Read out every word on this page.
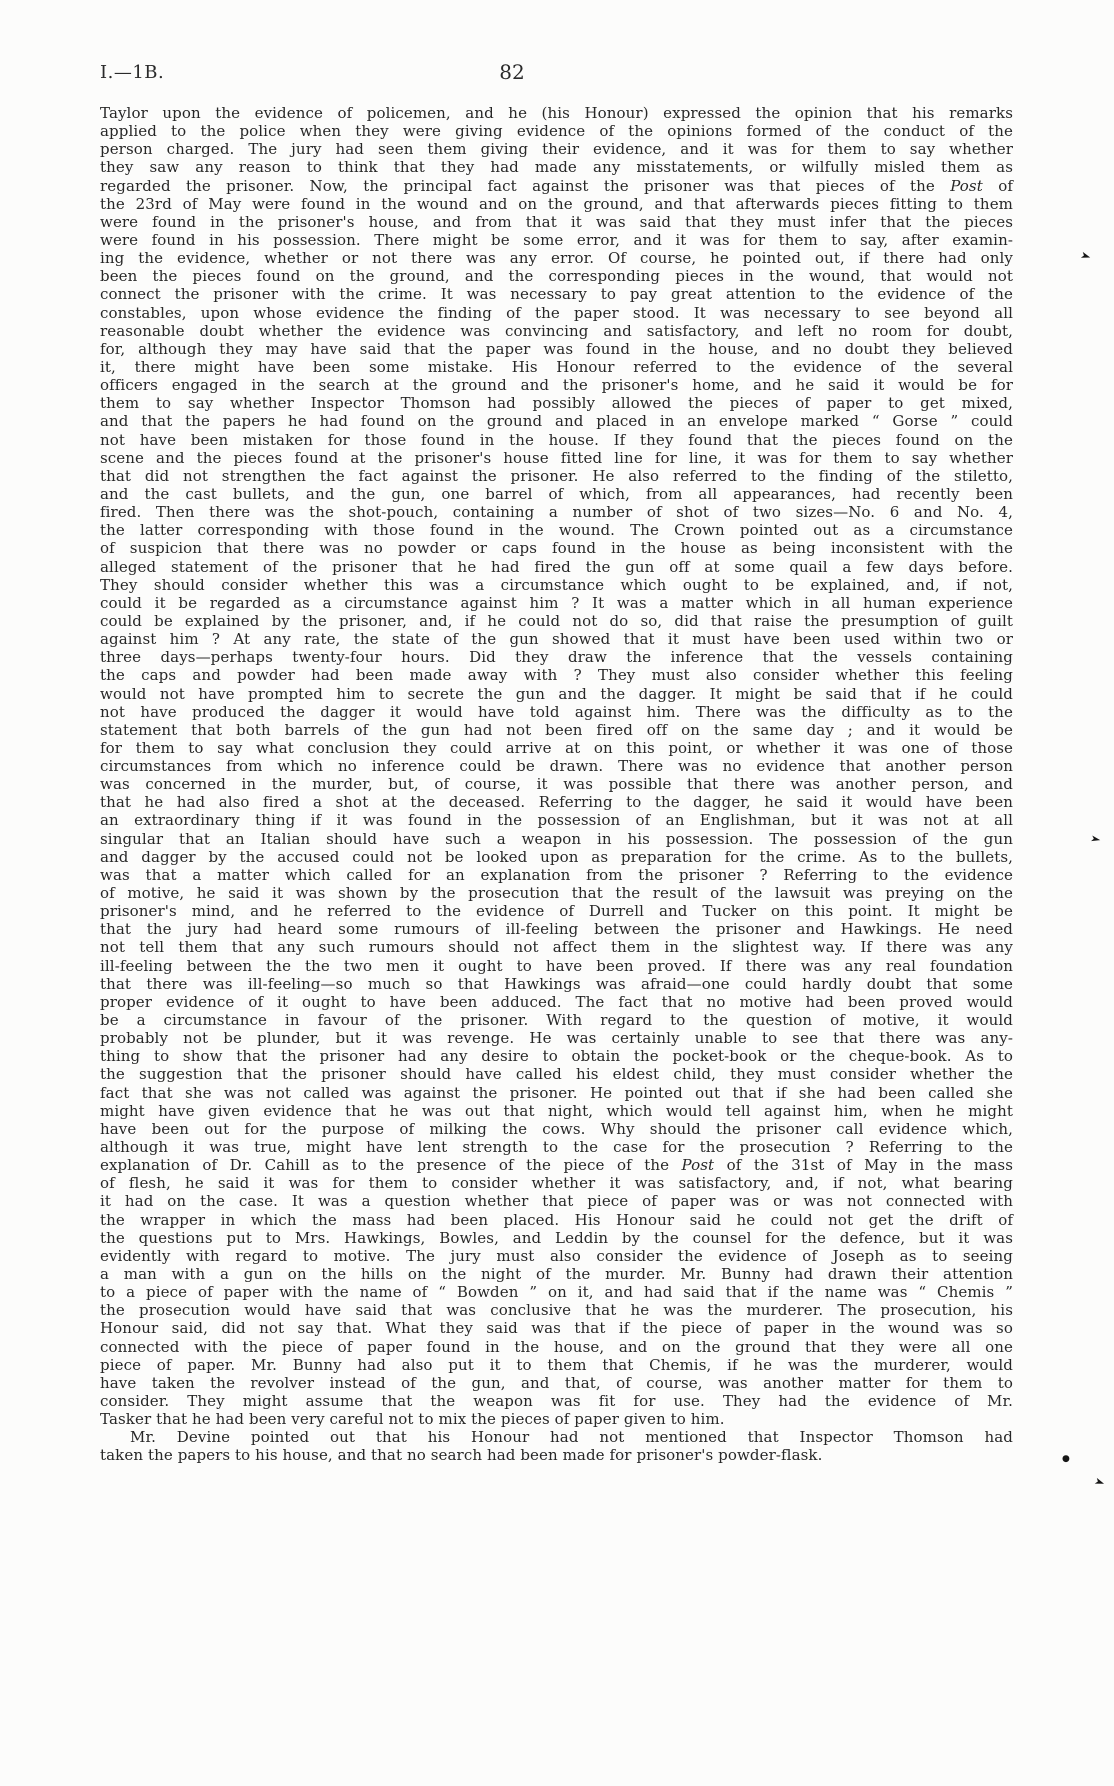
I.—1B.	82
Taylor upon the evidence of policemen, and he (his Honour) expressed the opinion that his remarks
applied to the police when they were giving evidence of the opinions formed of the conduct of the
person charged. The jury had seen them giving their evidence, and it was for them to say whether
they saw any reason to think that they had made any misstatements, or wilfully misled them as
regarded the prisoner. Now, the principal fact against the prisoner was that pieces of the Post of
the 23rd of May were found in the wound and on the ground, and that afterwards pieces fitting to them
were found in the prisoner's house, and from that it was said that they must infer that the pieces
were found in his possession. There might be some error, and it was for them to say, after examin-
ing the evidence, whether or not there was any error. Of course, he pointed out, if there had only
been the pieces found on the ground, and the corresponding pieces in the wound, that would not
connect the prisoner with the crime. It was necessary to pay great attention to the evidence of the
constables, upon whose evidence the finding of the paper stood. It was necessary to see beyond all
reasonable doubt whether the evidence was convincing and satisfactory, and left no room for doubt,
for, although they may have said that the paper was found in the house, and no doubt they believed
it, there might have been some mistake. His Honour referred to the evidence of the several
officers engaged in the search at the ground and the prisoner's home, and he said it would be for
them to say whether Inspector Thomson had possibly allowed the pieces of paper to get mixed,
and that the papers he had found on the ground and placed in an envelope marked “ Gorse ” could
not have been mistaken for those found in the house. If they found that the pieces found on the
scene and the pieces found at the prisoner's house fitted line for line, it was for them to say whether
that did not strengthen the fact against the prisoner. He also referred to the finding of the stiletto,
and the cast bullets, and the gun, one barrel of which, from all appearances, had recently been
fired. Then there was the shot-pouch, containing a number of shot of two sizes—No. 6 and No. 4,
the latter corresponding with those found in the wound. The Crown pointed out as a circumstance
of suspicion that there was no powder or caps found in the house as being inconsistent with the
alleged statement of the prisoner that he had fired the gun off at some quail a few days before.
They should consider whether this was a circumstance which ought to be explained, and, if not,
could it be regarded as a circumstance against him ? It was a matter which in all human experience
could be explained by the prisoner, and, if he could not do so, did that raise the presumption of guilt
against him ? At any rate, the state of the gun showed that it must have been used within two or
three days—perhaps twenty-four hours. Did they draw the inference that the vessels containing
the caps and powder had been made away with ? They must also consider whether this feeling
would not have prompted him to secrete the gun and the dagger. It might be said that if he could
not have produced the dagger it would have told against him. There was the difficulty as to the
statement that both barrels of the gun had not been fired off on the same day ; and it would be
for them to say what conclusion they could arrive at on this point, or whether it was one of those
circumstances from which no inference could be drawn. There was no evidence that another person
was concerned in the murder, but, of course, it was possible that there was another person, and
that he had also fired a shot at the deceased. Referring to the dagger, he said it would have been
an extraordinary thing if it was found in the possession of an Englishman, but it was not at all
singular that an Italian should have such a weapon in his possession. The possession of the gun
and dagger by the accused could not be looked upon as preparation for the crime. As to the bullets,
was that a matter which called for an explanation from the prisoner ? Referring to the evidence
of motive, he said it was shown by the prosecution that the result of the lawsuit was preying on the
prisoner's mind, and he referred to the evidence of Durrell and Tucker on this point. It might be
that the jury had heard some rumours of ill-feeling between the prisoner and Hawkings. He need
not tell them that any such rumours should not affect them in the slightest way. If there was any
ill-feeling between the the two men it ought to have been proved. If there was any real foundation
that there was ill-feeling—so much so that Hawkings was afraid—one could hardly doubt that some
proper evidence of it ought to have been adduced. The fact that no motive had been proved would
be a circumstance in favour of the prisoner. With regard to the question of motive, it would
probably not be plunder, but it was revenge. He was certainly unable to see that there was any-
thing to show that the prisoner had any desire to obtain the pocket-book or the cheque-book. As to
the suggestion that the prisoner should have called his eldest child, they must consider whether the
fact that she was not called was against the prisoner. He pointed out that if she had been called she
might have given evidence that he was out that night, which would tell against him, when he might
have been out for the purpose of milking the cows. Why should the prisoner call evidence which,
although it was true, might have lent strength to the case for the prosecution ? Referring to the
explanation of Dr. Cahill as to the presence of the piece of the Post of the 31st of May in the mass
of flesh, he said it was for them to consider whether it was satisfactory, and, if not, what bearing
it had on the case. It was a question whether that piece of paper was or was not connected with
the wrapper in which the mass had been placed. His Honour said he could not get the drift of
the questions put to Mrs. Hawkings, Bowles, and Leddin by the counsel for the defence, but it was
evidently with regard to motive. The jury must also consider the evidence of Joseph as to seeing
a man with a gun on the hills on the night of the murder. Mr. Bunny had drawn their attention
to a piece of paper with the name of “ Bowden ” on it, and had said that if the name was “ Chemis ”
the prosecution would have said that was conclusive that he was the murderer. The prosecution, his
Honour said, did not say that. What they said was that if the piece of paper in the wound was so
connected with the piece of paper found in the house, and on the ground that they were all one
piece of paper. Mr. Bunny had also put it to them that Chemis, if he was the murderer, would
have taken the revolver instead of the gun, and that, of course, was another matter for them to
consider. They might assume that the weapon was fit for use. They had the evidence of Mr.
Tasker that he had been very careful not to mix the pieces of paper given to him.
Mr. Devine pointed out that his Honour had not mentioned that Inspector Thomson had
taken the papers to his house, and that no search had been made for prisoner's powder-flask.
➤
➤
●
➤
